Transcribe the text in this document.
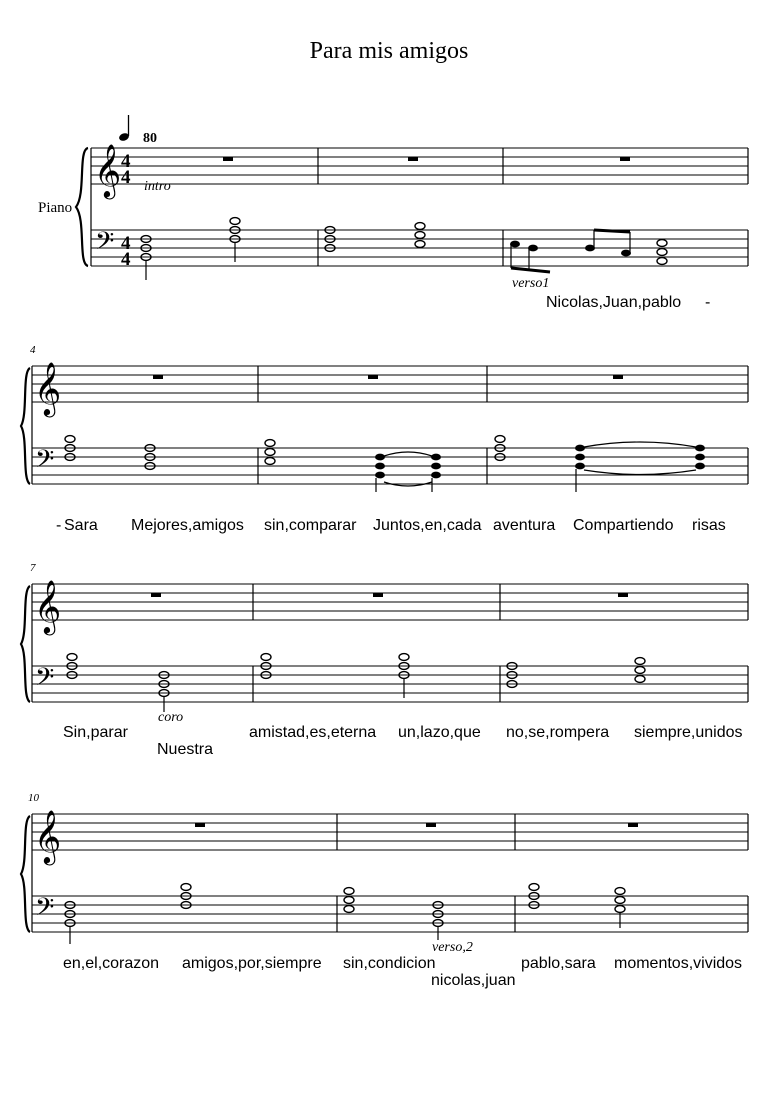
Para mis amigos
80
Piano
𝄞
𝄢
4
4
4
4
intro
verso1
Nicolas,Juan,pablo -
4
𝄞
𝄢
- Sara Mejores,amigos sin,comparar Juntos,en,cada aventura Compartiendo risas
7
𝄞
𝄢
coro
Sin,parar
Nuestra
amistad,es,eterna un,lazo,que no,se,rompera siempre,unidos
10
𝄞
𝄢
verso,2
en,el,corazon amigos,por,siempre sin,condicion
nicolas,juan
pablo,sara momentos,vividos
